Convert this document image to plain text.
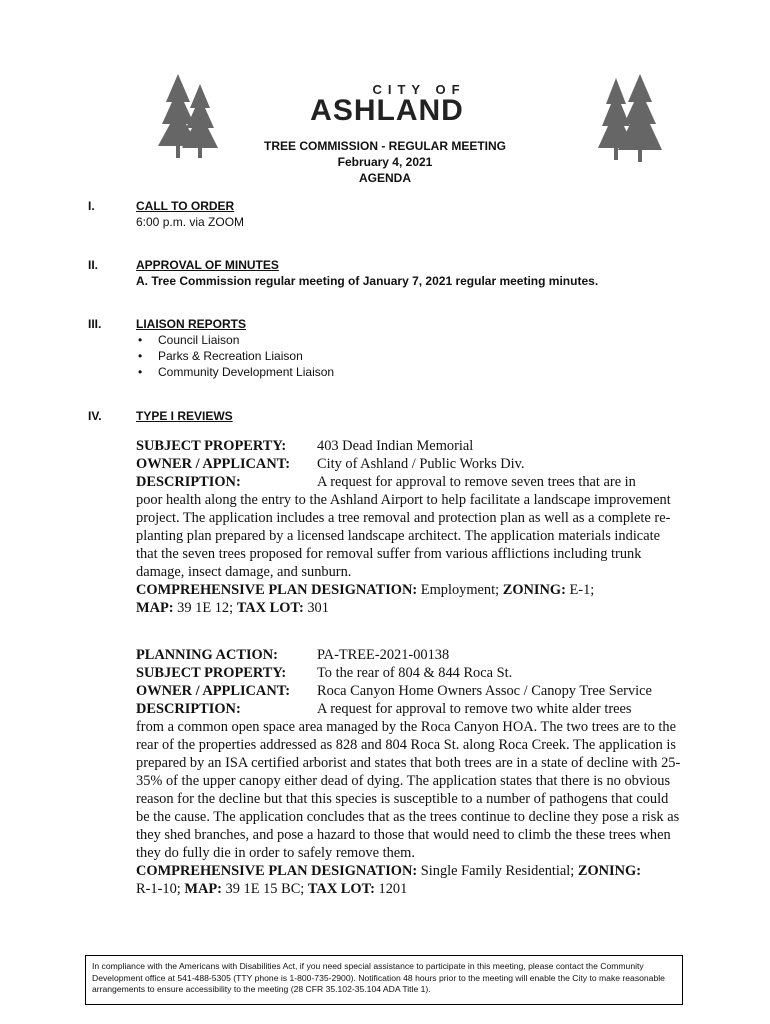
CITY OF
ASHLAND
TREE COMMISSION - REGULAR MEETING
February 4, 2021
AGENDA
I.	CALL TO ORDER
6:00 p.m. via ZOOM
II.	APPROVAL OF MINUTES
A. Tree Commission regular meeting of January 7, 2021 regular meeting minutes.
III.	LIAISON REPORTS
• Council Liaison
• Parks & Recreation Liaison
• Community Development Liaison
IV.	TYPE I REVIEWS
SUBJECT PROPERTY:	403 Dead Indian Memorial
OWNER / APPLICANT:	City of Ashland / Public Works Div.
DESCRIPTION:	A request for approval to remove seven trees that are in

poor health along the entry to the Ashland Airport to help facilitate a landscape improvement project. The application includes a tree removal and protection plan as well as a complete re-planting plan prepared by a licensed landscape architect. The application materials indicate that the seven trees proposed for removal suffer from various afflictions including trunk damage, insect damage, and sunburn.

COMPREHENSIVE PLAN DESIGNATION: Employment; ZONING: E-1;
MAP: 39 1E 12; TAX LOT: 301

PLANNING ACTION:	PA-TREE-2021-00138
SUBJECT PROPERTY:	To the rear of 804 & 844 Roca St.
OWNER / APPLICANT:	Roca Canyon Home Owners Assoc / Canopy Tree Service
DESCRIPTION:	A request for approval to remove two white alder trees

from a common open space area managed by the Roca Canyon HOA. The two trees are to the rear of the properties addressed as 828 and 804 Roca St. along Roca Creek. The application is prepared by an ISA certified arborist and states that both trees are in a state of decline with 25-35% of the upper canopy either dead of dying. The application states that there is no obvious reason for the decline but that this species is susceptible to a number of pathogens that could be the cause. The application concludes that as the trees continue to decline they pose a risk as they shed branches, and pose a hazard to those that would need to climb the these trees when they do fully die in order to safely remove them.

COMPREHENSIVE PLAN DESIGNATION: Single Family Residential; ZONING:
R-1-10; MAP: 39 1E 15 BC; TAX LOT: 1201

In compliance with the Americans with Disabilities Act, if you need special assistance to participate in this meeting, please contact the Community Development office at 541-488-5305 (TTY phone is 1-800-735-2900). Notification 48 hours prior to the meeting will enable the City to make reasonable arrangements to ensure accessibility to the meeting (28 CFR 35.102-35.104 ADA Title 1).
